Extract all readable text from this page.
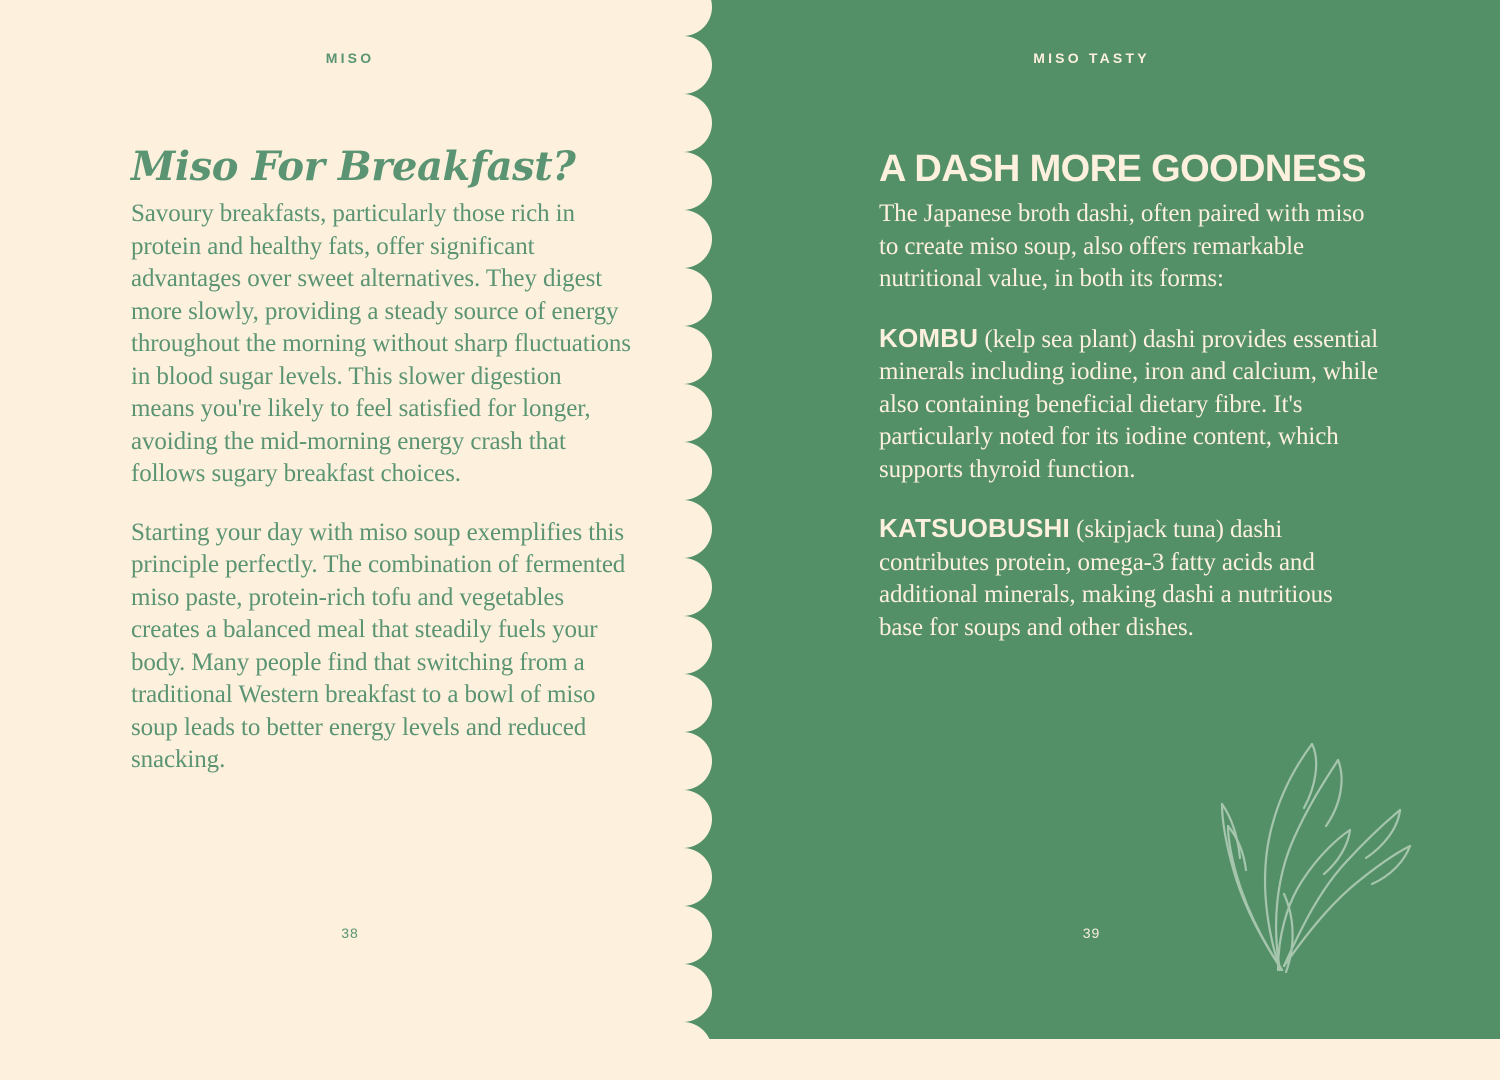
MISO
Miso For Breakfast?

Savoury breakfasts, particularly those rich in protein and healthy fats, offer significant advantages over sweet alternatives. They digest more slowly, providing a steady source of energy throughout the morning without sharp fluctuations in blood sugar levels. This slower digestion means you're likely to feel satisfied for longer, avoiding the mid-morning energy crash that follows sugary breakfast choices.

Starting your day with miso soup exemplifies this principle perfectly. The combination of fermented miso paste, protein-rich tofu and vegetables creates a balanced meal that steadily fuels your body. Many people find that switching from a traditional Western breakfast to a bowl of miso soup leads to better energy levels and reduced snacking.

38
MISO TASTY
A DASH MORE GOODNESS

The Japanese broth dashi, often paired with miso to create miso soup, also offers remarkable nutritional value, in both its forms:

KOMBU (kelp sea plant) dashi provides essential minerals including iodine, iron and calcium, while also containing beneficial dietary fibre. It's particularly noted for its iodine content, which supports thyroid function.

KATSUOBUSHI (skipjack tuna) dashi contributes protein, omega-3 fatty acids and additional minerals, making dashi a nutritious base for soups and other dishes.

39
